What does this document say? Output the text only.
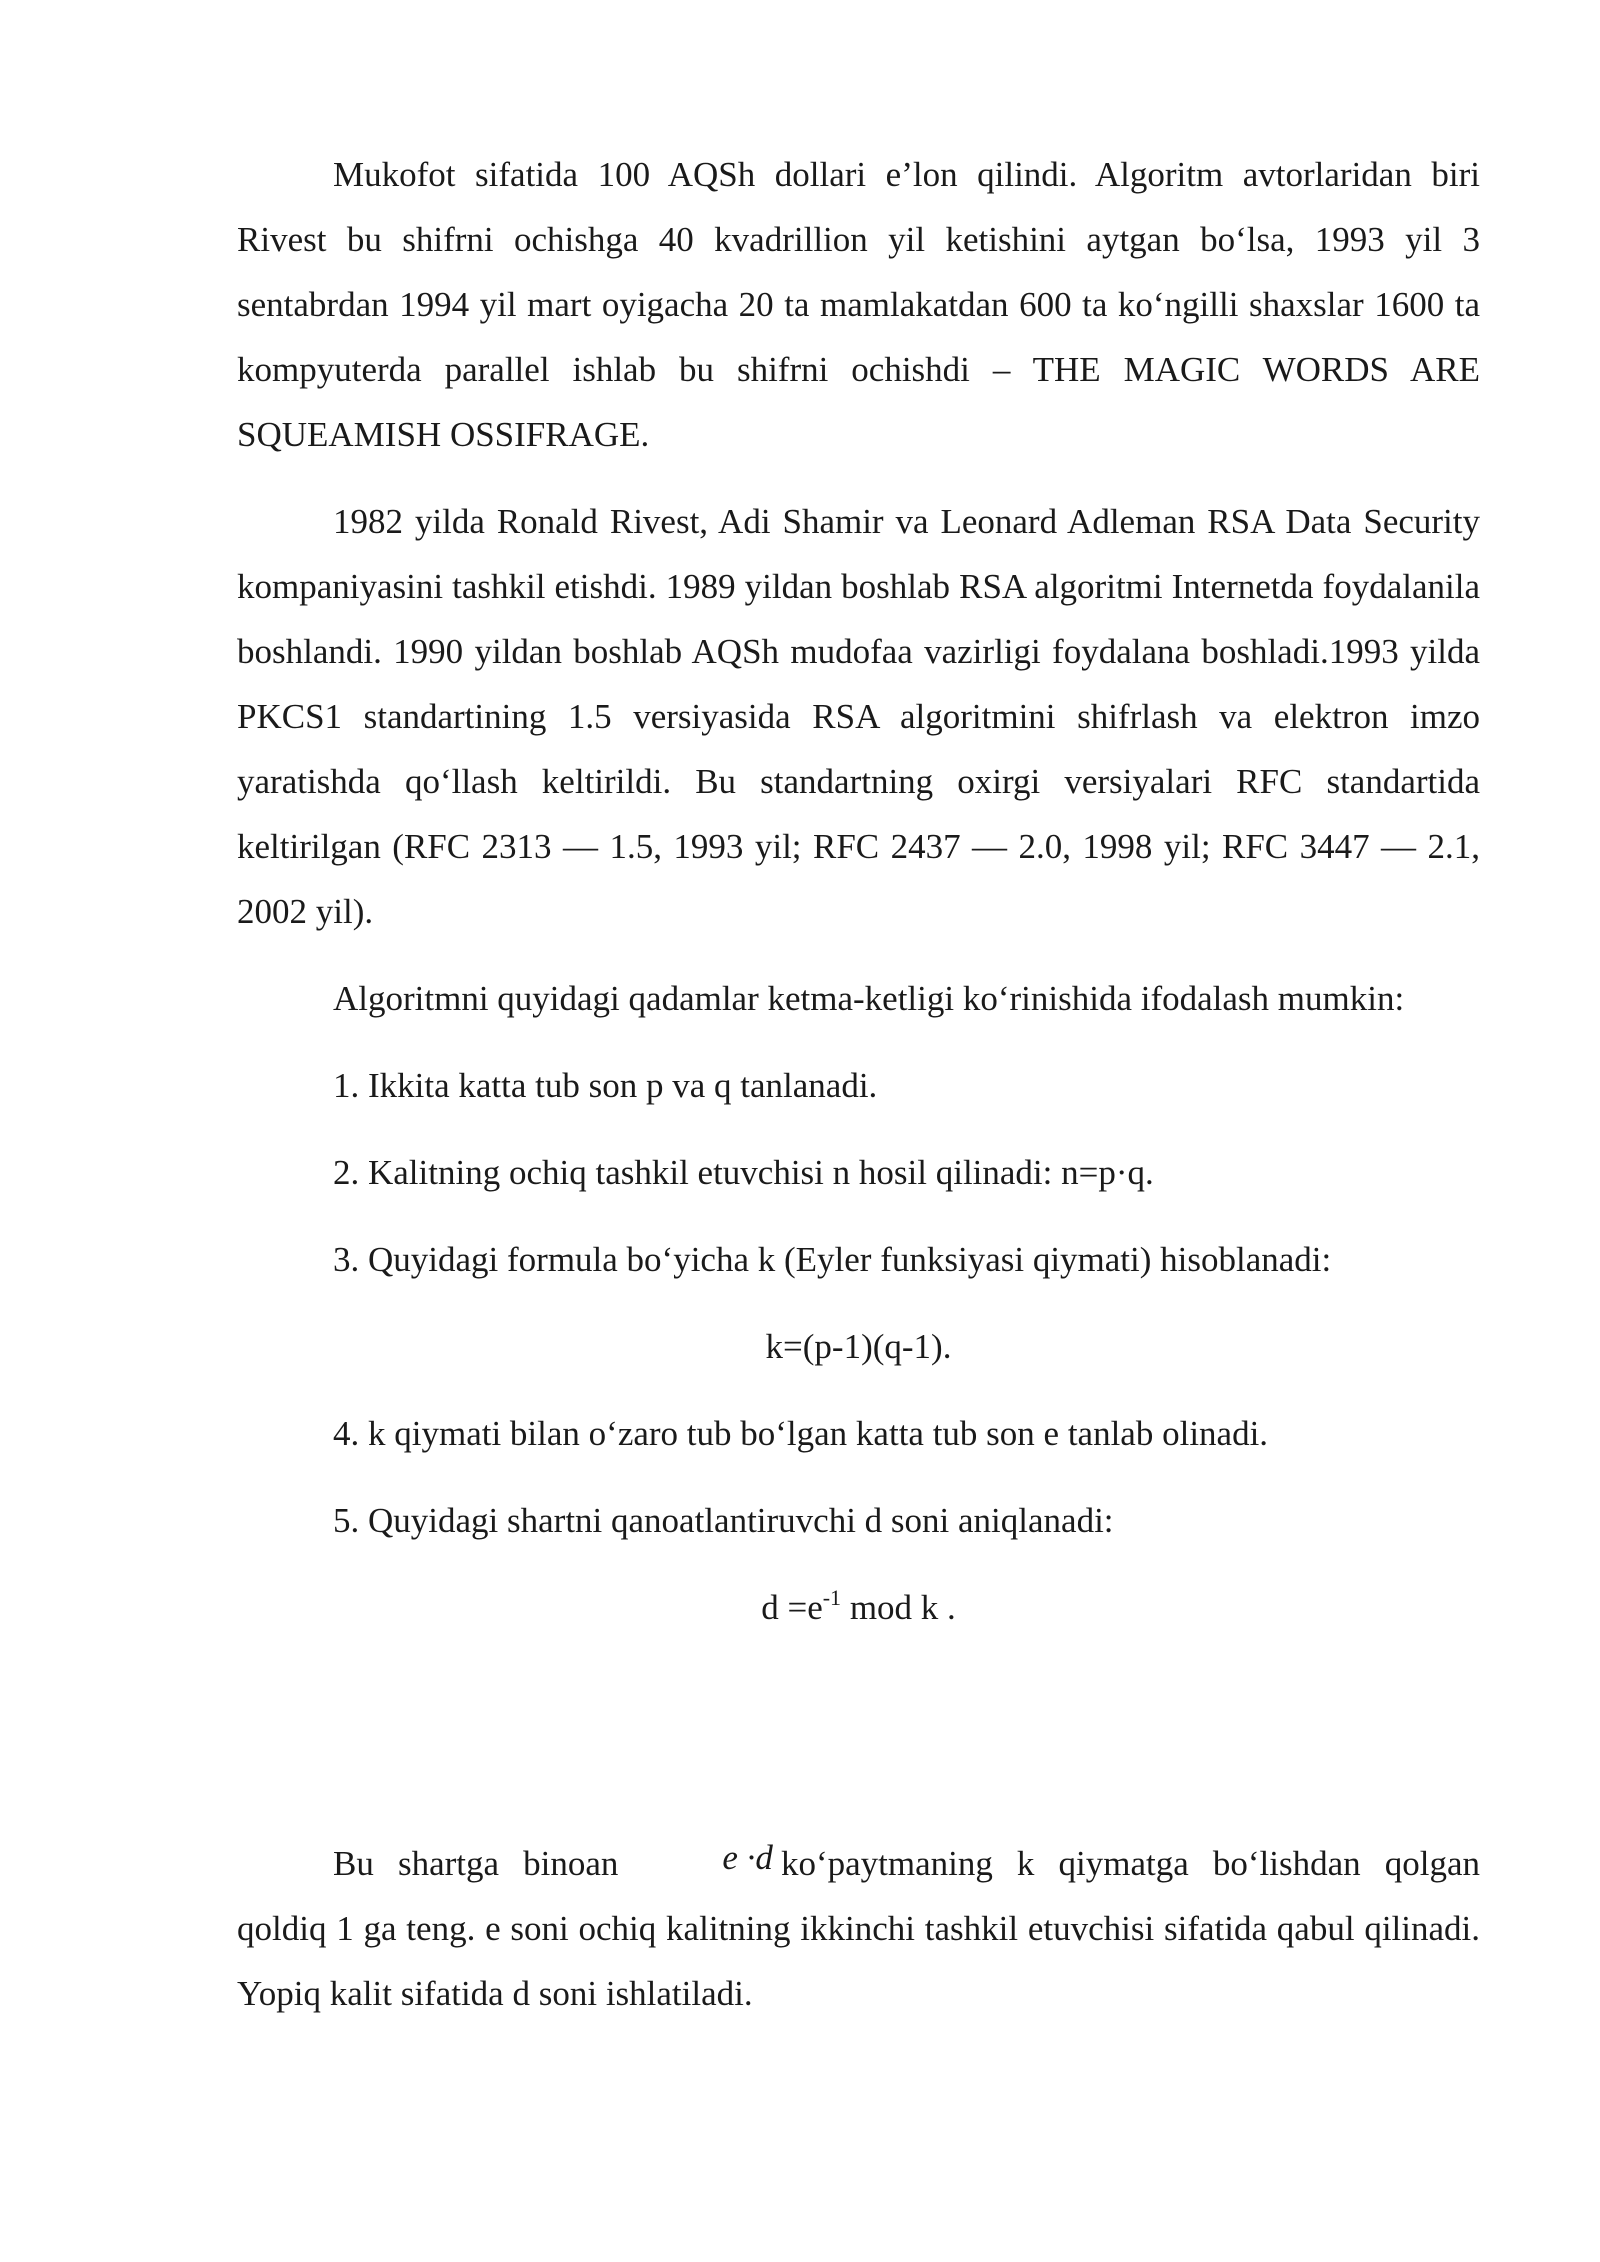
Mukofot sifatida 100 AQSh dollari e’lon qilindi. Algoritm avtorlaridan biri Rivest bu shifrni ochishga 40 kvadrillion yil ketishini aytgan bo‘lsa, 1993 yil 3 sentabrdan 1994 yil mart oyigacha 20 ta mamlakatdan 600 ta ko‘ngilli shaxslar 1600 ta kompyuterda parallel ishlab bu shifrni ochishdi – THE MAGIC WORDS ARE SQUEAMISH OSSIFRAGE.

1982 yilda Ronald Rivest, Adi Shamir va Leonard Adleman RSA Data Security kompaniyasini tashkil etishdi. 1989 yildan boshlab RSA algoritmi Internetda foydalanila boshlandi. 1990 yildan boshlab AQSh mudofaa vazirligi foydalana boshladi.1993 yilda PKCS1 standartining 1.5 versiyasida RSA algoritmini shifrlash va elektron imzo yaratishda qo‘llash keltirildi. Bu standartning oxirgi versiyalari RFC standartida keltirilgan (RFC 2313 — 1.5, 1993 yil; RFC 2437 — 2.0, 1998 yil; RFC 3447 — 2.1, 2002 yil).

Algoritmni quyidagi qadamlar ketma-ketligi ko‘rinishida ifodalash mumkin:

1. Ikkita katta tub son p va q tanlanadi.

2. Kalitning ochiq tashkil etuvchisi n hosil qilinadi: n=p·q.

3. Quyidagi formula bo‘yicha k (Eyler funksiyasi qiymati) hisoblanadi:

k=(p-1)(q-1).

4. k qiymati bilan o‘zaro tub bo‘lgan katta tub son e tanlab olinadi.

5. Quyidagi shartni qanoatlantiruvchi d soni aniqlanadi:

$d =e^{-1}$ mod k .

Bu shartga binoan	e ·d ko‘paytmaning k qiymatga bo‘lishdan qolgan qoldiq 1 ga teng. e soni ochiq kalitning ikkinchi tashkil etuvchisi sifatida qabul qilinadi. Yopiq kalit sifatida d soni ishlatiladi.
